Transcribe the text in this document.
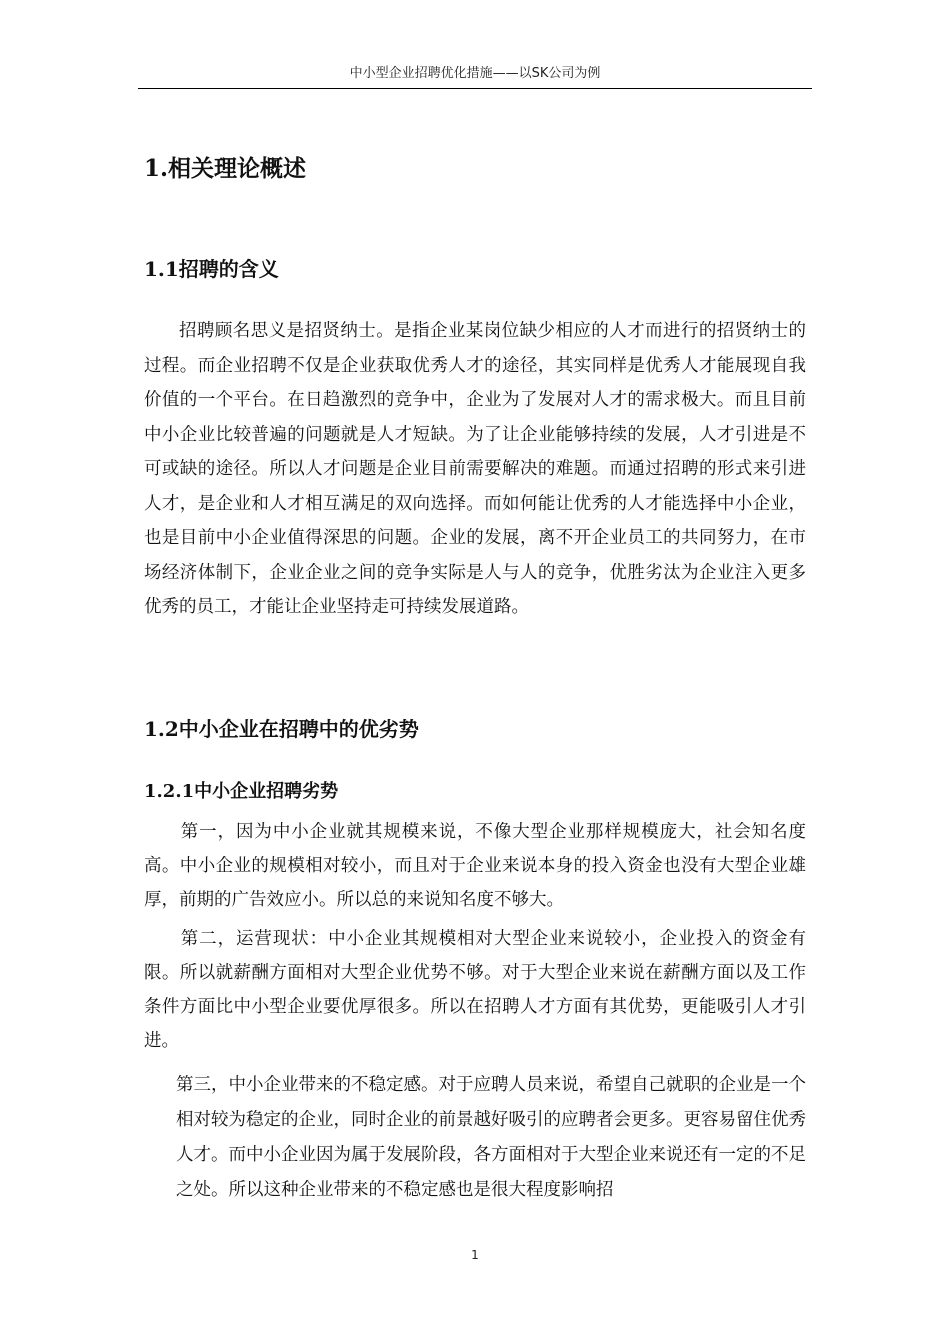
中小型企业招聘优化措施——以SK公司为例
1.相关理论概述
1.1招聘的含义

招聘顾名思义是招贤纳士。是指企业某岗位缺少相应的人才而进行的招贤纳士的过程。而企业招聘不仅是企业获取优秀人才的途径，其实同样是优秀人才能展现自我价值的一个平台。在日趋激烈的竞争中，企业为了发展对人才的需求极大。而且目前中小企业比较普遍的问题就是人才短缺。为了让企业能够持续的发展，人才引进是不可或缺的途径。所以人才问题是企业目前需要解决的难题。而通过招聘的形式来引进人才，是企业和人才相互满足的双向选择。而如何能让优秀的人才能选择中小企业，也是目前中小企业值得深思的问题。企业的发展，离不开企业员工的共同努力，在市场经济体制下，企业企业之间的竞争实际是人与人的竞争，优胜劣汰为企业注入更多优秀的员工，才能让企业坚持走可持续发展道路。

1.2中小企业在招聘中的优劣势
1.2.1中小企业招聘劣势

第一，因为中小企业就其规模来说，不像大型企业那样规模庞大，社会知名度高。中小企业的规模相对较小，而且对于企业来说本身的投入资金也没有大型企业雄厚，前期的广告效应小。所以总的来说知名度不够大。

第二，运营现状：中小企业其规模相对大型企业来说较小，企业投入的资金有限。所以就薪酬方面相对大型企业优势不够。对于大型企业来说在薪酬方面以及工作条件方面比中小型企业要优厚很多。所以在招聘人才方面有其优势，更能吸引人才引进。

第三，中小企业带来的不稳定感。对于应聘人员来说，希望自己就职的企业是一个相对较为稳定的企业，同时企业的前景越好吸引的应聘者会更多。更容易留住优秀人才。而中小企业因为属于发展阶段，各方面相对于大型企业来说还有一定的不足之处。所以这种企业带来的不稳定感也是很大程度影响招

1
